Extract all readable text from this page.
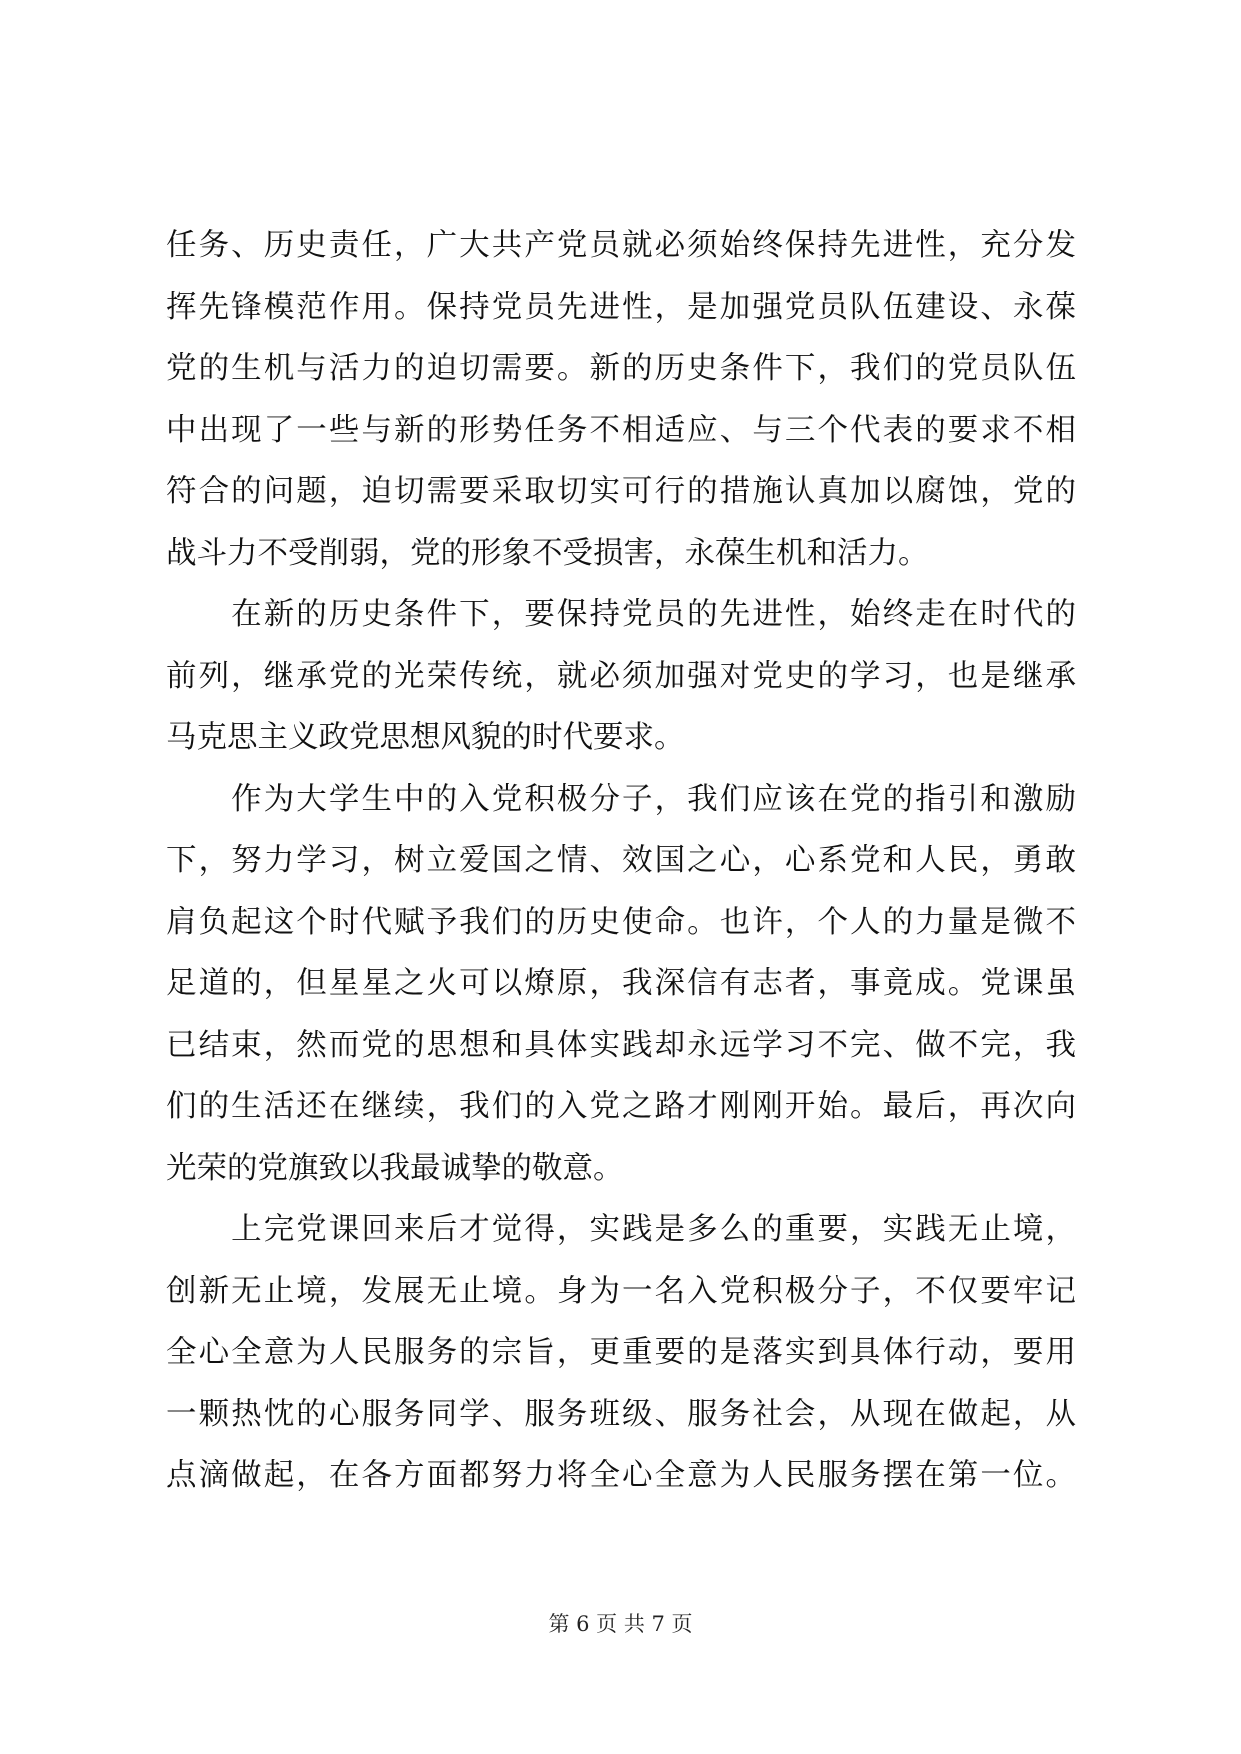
任务、历史责任，广大共产党员就必须始终保持先进性，充分发
挥先锋模范作用。保持党员先进性，是加强党员队伍建设、永葆
党的生机与活力的迫切需要。新的历史条件下，我们的党员队伍
中出现了一些与新的形势任务不相适应、与三个代表的要求不相
符合的问题，迫切需要采取切实可行的措施认真加以腐蚀，党的
战斗力不受削弱，党的形象不受损害，永葆生机和活力。
　　在新的历史条件下，要保持党员的先进性，始终走在时代的
前列，继承党的光荣传统，就必须加强对党史的学习，也是继承
马克思主义政党思想风貌的时代要求。
　　作为大学生中的入党积极分子，我们应该在党的指引和激励
下，努力学习，树立爱国之情、效国之心，心系党和人民，勇敢
肩负起这个时代赋予我们的历史使命。也许，个人的力量是微不
足道的，但星星之火可以燎原，我深信有志者，事竟成。党课虽
已结束，然而党的思想和具体实践却永远学习不完、做不完，我
们的生活还在继续，我们的入党之路才刚刚开始。最后，再次向
光荣的党旗致以我最诚挚的敬意。
　　上完党课回来后才觉得，实践是多么的重要，实践无止境，
创新无止境，发展无止境。身为一名入党积极分子，不仅要牢记
全心全意为人民服务的宗旨，更重要的是落实到具体行动，要用
一颗热忱的心服务同学、服务班级、服务社会，从现在做起，从
点滴做起，在各方面都努力将全心全意为人民服务摆在第一位。
第 6 页 共 7 页
